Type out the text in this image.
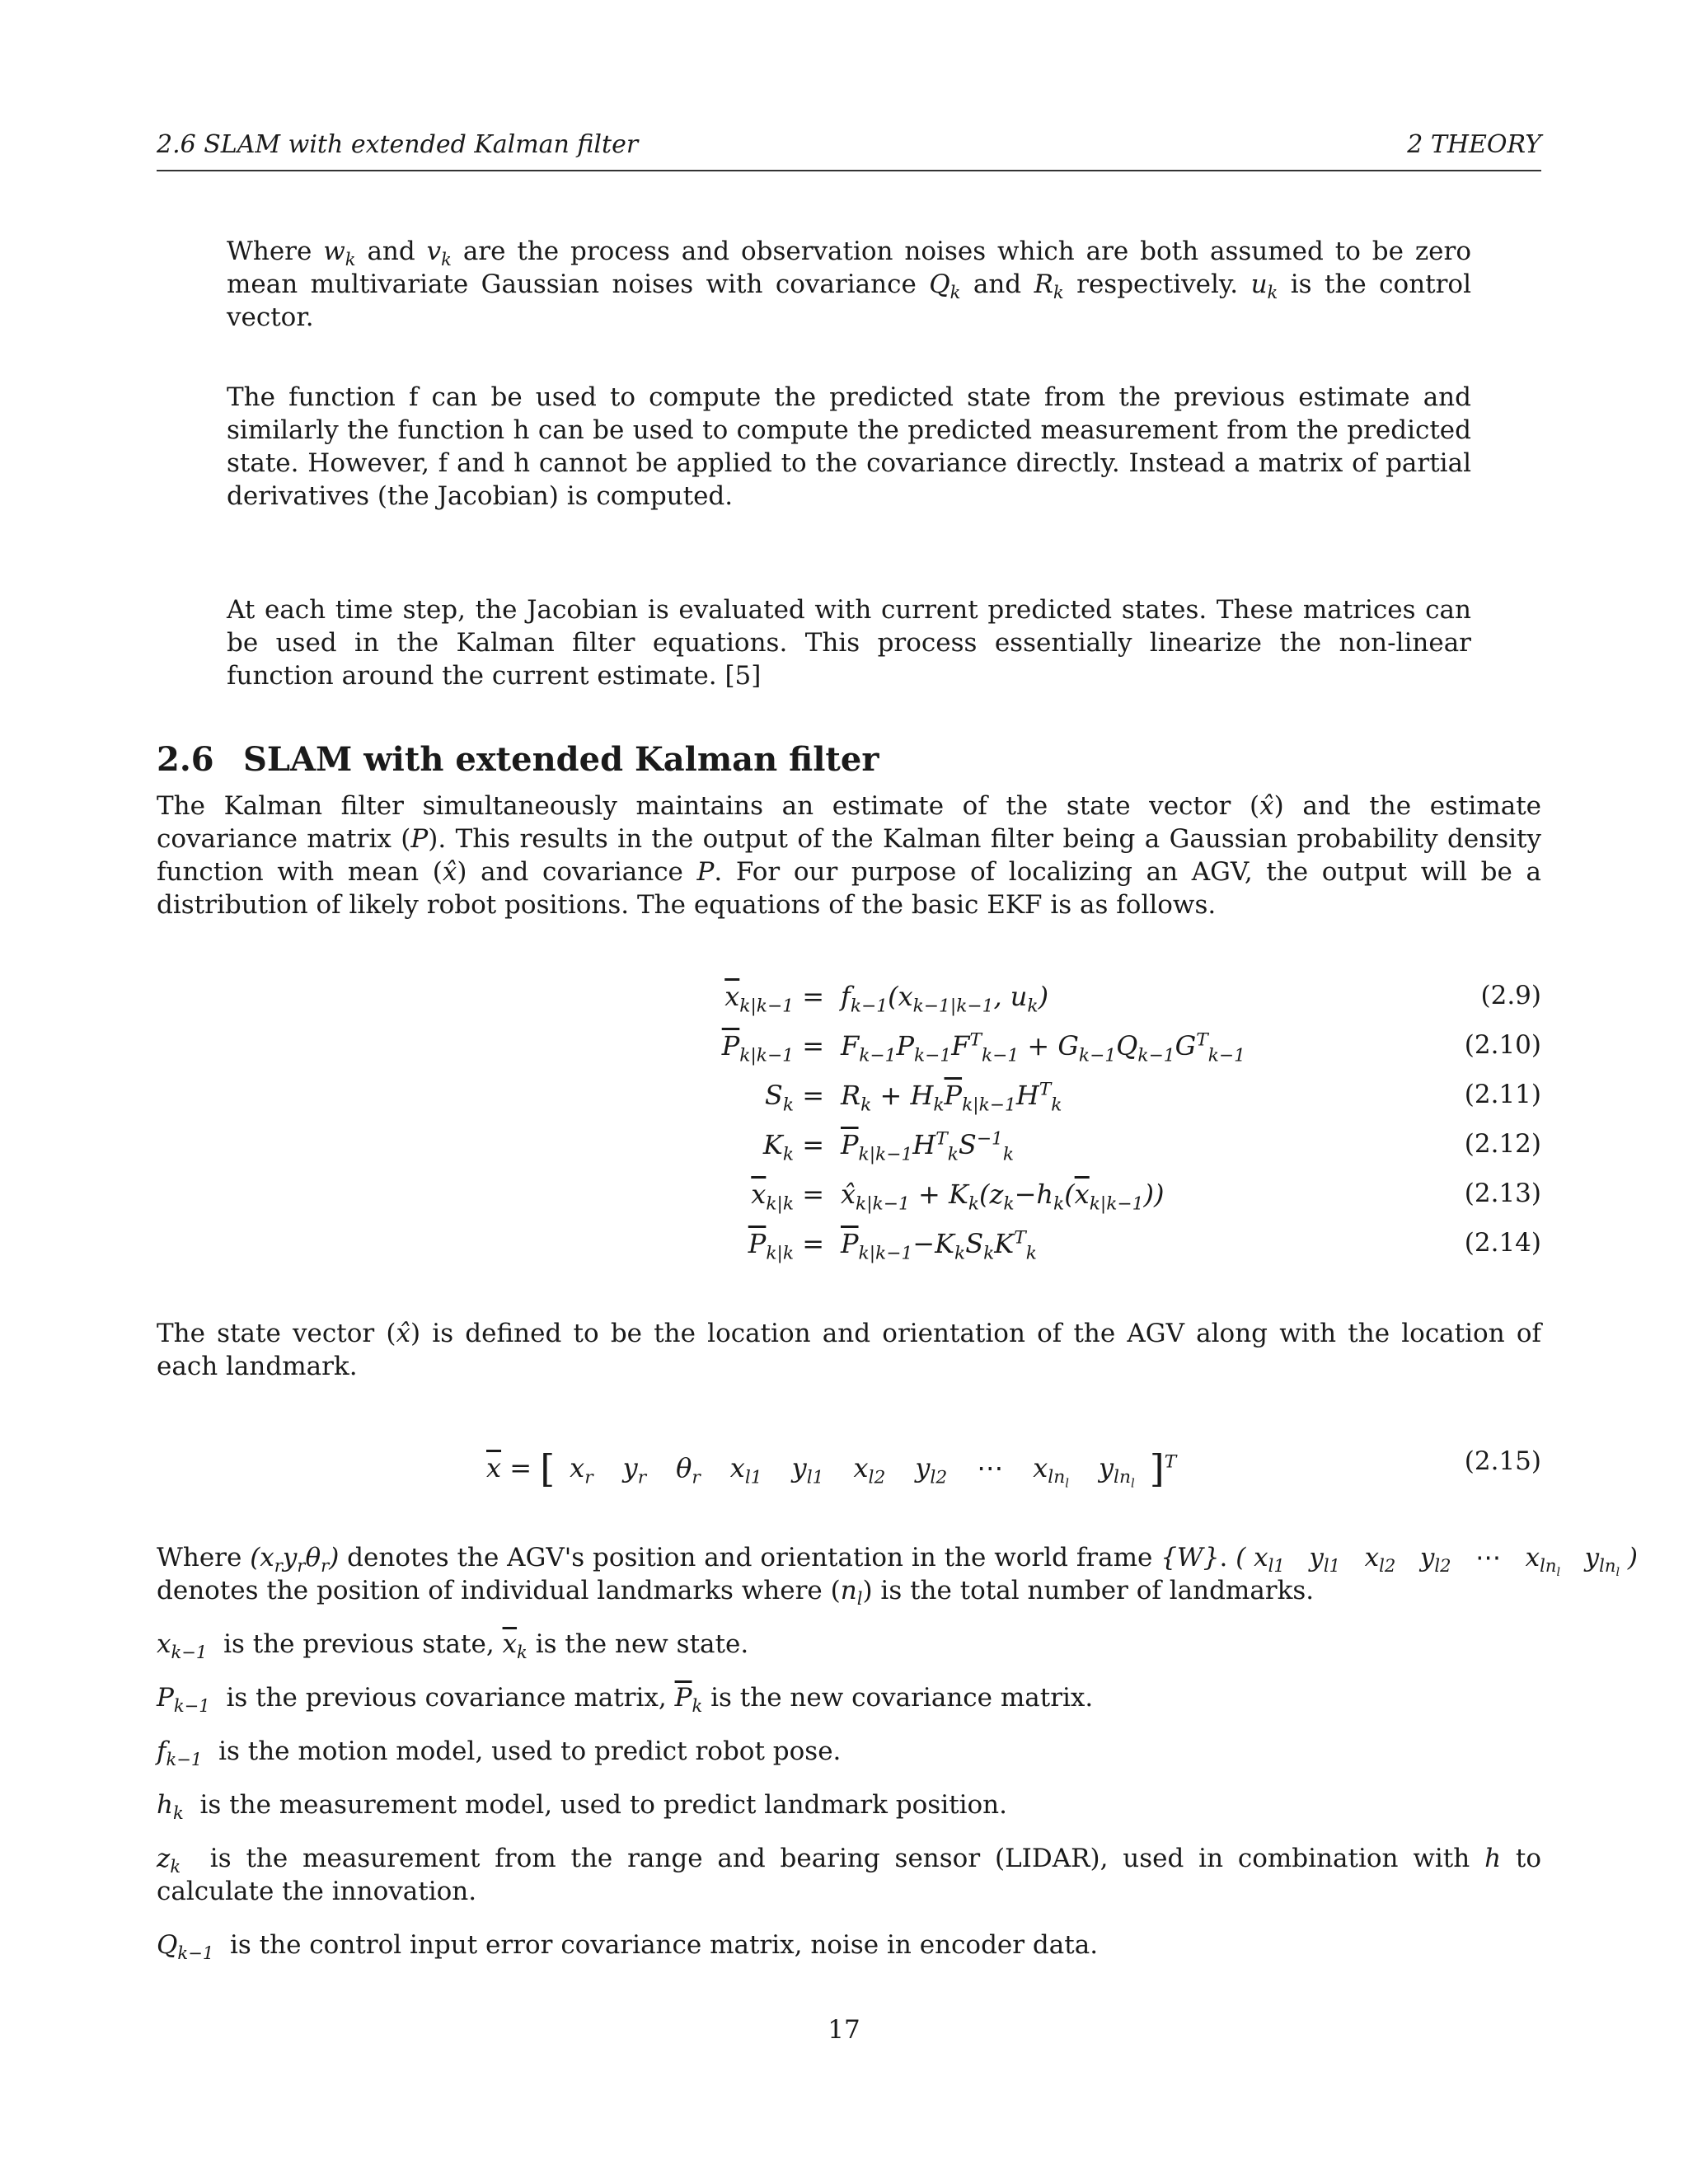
2.6 SLAM with extended Kalman filter	2 THEORY

Where $w_k$ and $v_k$ are the process and observation noises which are both assumed to be zero mean multivariate Gaussian noises with covariance $Q_k$ and $R_k$ respectively. $u_k$ is the control vector.

The function f can be used to compute the predicted state from the previous estimate and similarly the function h can be used to compute the predicted measurement from the predicted state. However, f and h cannot be applied to the covariance directly. Instead a matrix of partial derivatives (the Jacobian) is computed.

At each time step, the Jacobian is evaluated with current predicted states. These matrices can be used in the Kalman filter equations. This process essentially linearize the non-linear function around the current estimate. [5]

2.6 SLAM with extended Kalman filter

The Kalman filter simultaneously maintains an estimate of the state vector (x̂) and the estimate covariance matrix (P). This results in the output of the Kalman filter being a Gaussian probability density function with mean (x̂) and covariance P. For our purpose of localizing an AGV, the output will be a distribution of likely robot positions. The equations of the basic EKF is as follows.

$\overline{x}_{k|k-1} = f_{k-1}(x_{k-1|k-1}$, $u_k$)	(2.9)
$\overline{P}_{k|k-1} = F_{k-1}P_{k-1}F^T_{k-1} + G_{k-1}Q_{k-1}G^T_{k-1}$	(2.10)
$S_k = R_k + H_k\overline{P}_{k|k-1}H^T_k$	(2.11)
$K_k = \overline{P}_{k|k-1}H^T_kS^{-1}_k$	(2.12)
$\overline{x}_{k|k}$ = $x̂_{k|k-1} + K_k(z_k-h_k(\overline{x}_{k|k-1}))$	(2.13)
$\overline{P}_{k|k} = \overline{P}_{k|k-1}-K_kS_kK^T_k$	(2.14)

The state vector (x̂) is defined to be the location and orientation of the AGV along with the location of each landmark.

$\overline{x}$ = [ $x_r$ $y_r$ $\theta_r$ $x_{l1}$ $y_{l1}$ $x_{l2}$ $y_{l2}$ ⋯ $x_{ln_l}y_{ln_l}$ ]$^T$	(2.15)

Where $(x_ry_r\theta_r)$ denotes the AGV's position and orientation in the world frame {W}. ( $x_{l1}$   $y_{l1}$   $x_{l2}$   $y_{l2}$ ⋯   $x_{ln_l}$   $y_{ln_l}$ )
denotes the position of individual landmarks where $(n_l)$ is the total number of landmarks.

$x_{k-1}$ is the previous state, $\overline{x}_k$ is the new state.

$P_{k-1}$ is the previous covariance matrix, $\overline{P}_k$ is the new covariance matrix.

$f_{k-1}$ is the motion model, used to predict robot pose.

$h_k$ is the measurement model, used to predict landmark position.

$z_k$ is the measurement from the range and bearing sensor (LIDAR), used in combination with h to calculate the innovation.

$Q_{k-1}$ is the control input error covariance matrix, noise in encoder data.

17
